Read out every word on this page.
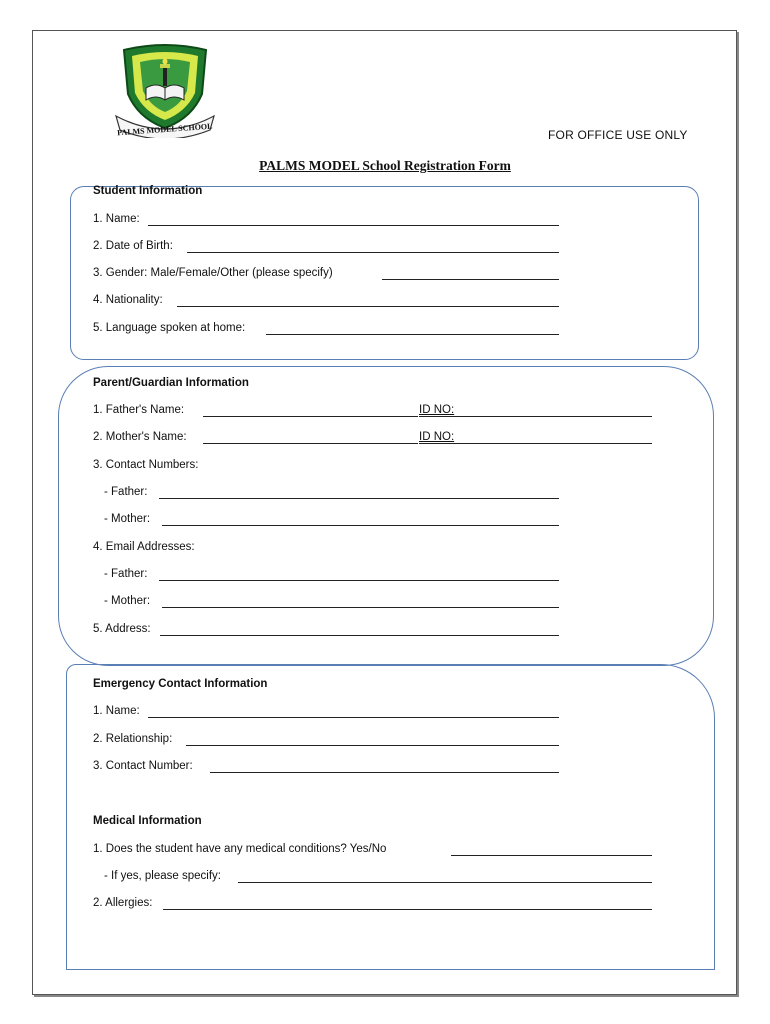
PALMS MODEL SCHOOL	FOR OFFICE USE ONLY
PALMS MODEL School Registration Form
Student Information
1. Name:
2. Date of Birth:
3. Gender: Male/Female/Other (please specify)
4. Nationality:
5. Language spoken at home:
Parent/Guardian Information
1. Father's Name:	ID NO:
2. Mother's Name:	ID NO:
3. Contact Numbers:
- Father:
- Mother:
4. Email Addresses:
- Father:
- Mother:
5. Address:
Emergency Contact Information
1. Name:
2. Relationship:
3. Contact Number:
Medical Information
1. Does the student have any medical conditions? Yes/No
- If yes, please specify:
2. Allergies:
